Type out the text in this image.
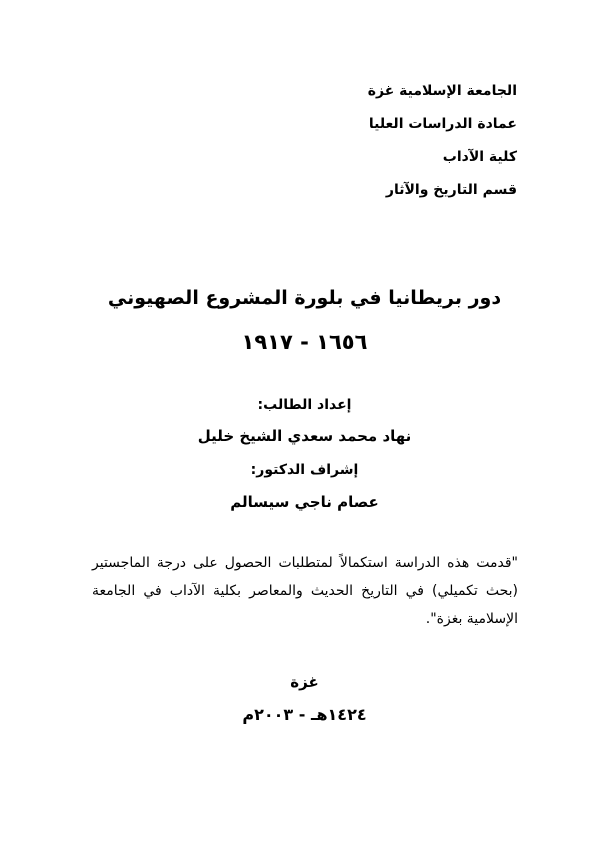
الجامعة الإسلامية غزة
عمادة الدراسات العليا
كلية الآداب
قسم التاريخ والآثار
دور بريطانيا في بلورة المشروع الصهيوني
١٦٥٦ - ١٩١٧
إعداد الطالب:
نهاد محمد سعدي الشيخ خليل
إشراف الدكتور:
عصام ناجي سيسالم
"قدمت هذه الدراسة استكمالاً لمتطلبات الحصول على درجة الماجستير
(بحث تكميلي) في التاريخ الحديث والمعاصر بكلية الآداب في الجامعة
الإسلامية بغزة".
غزة
١٤٢٤هـ - ٢٠٠٣م
